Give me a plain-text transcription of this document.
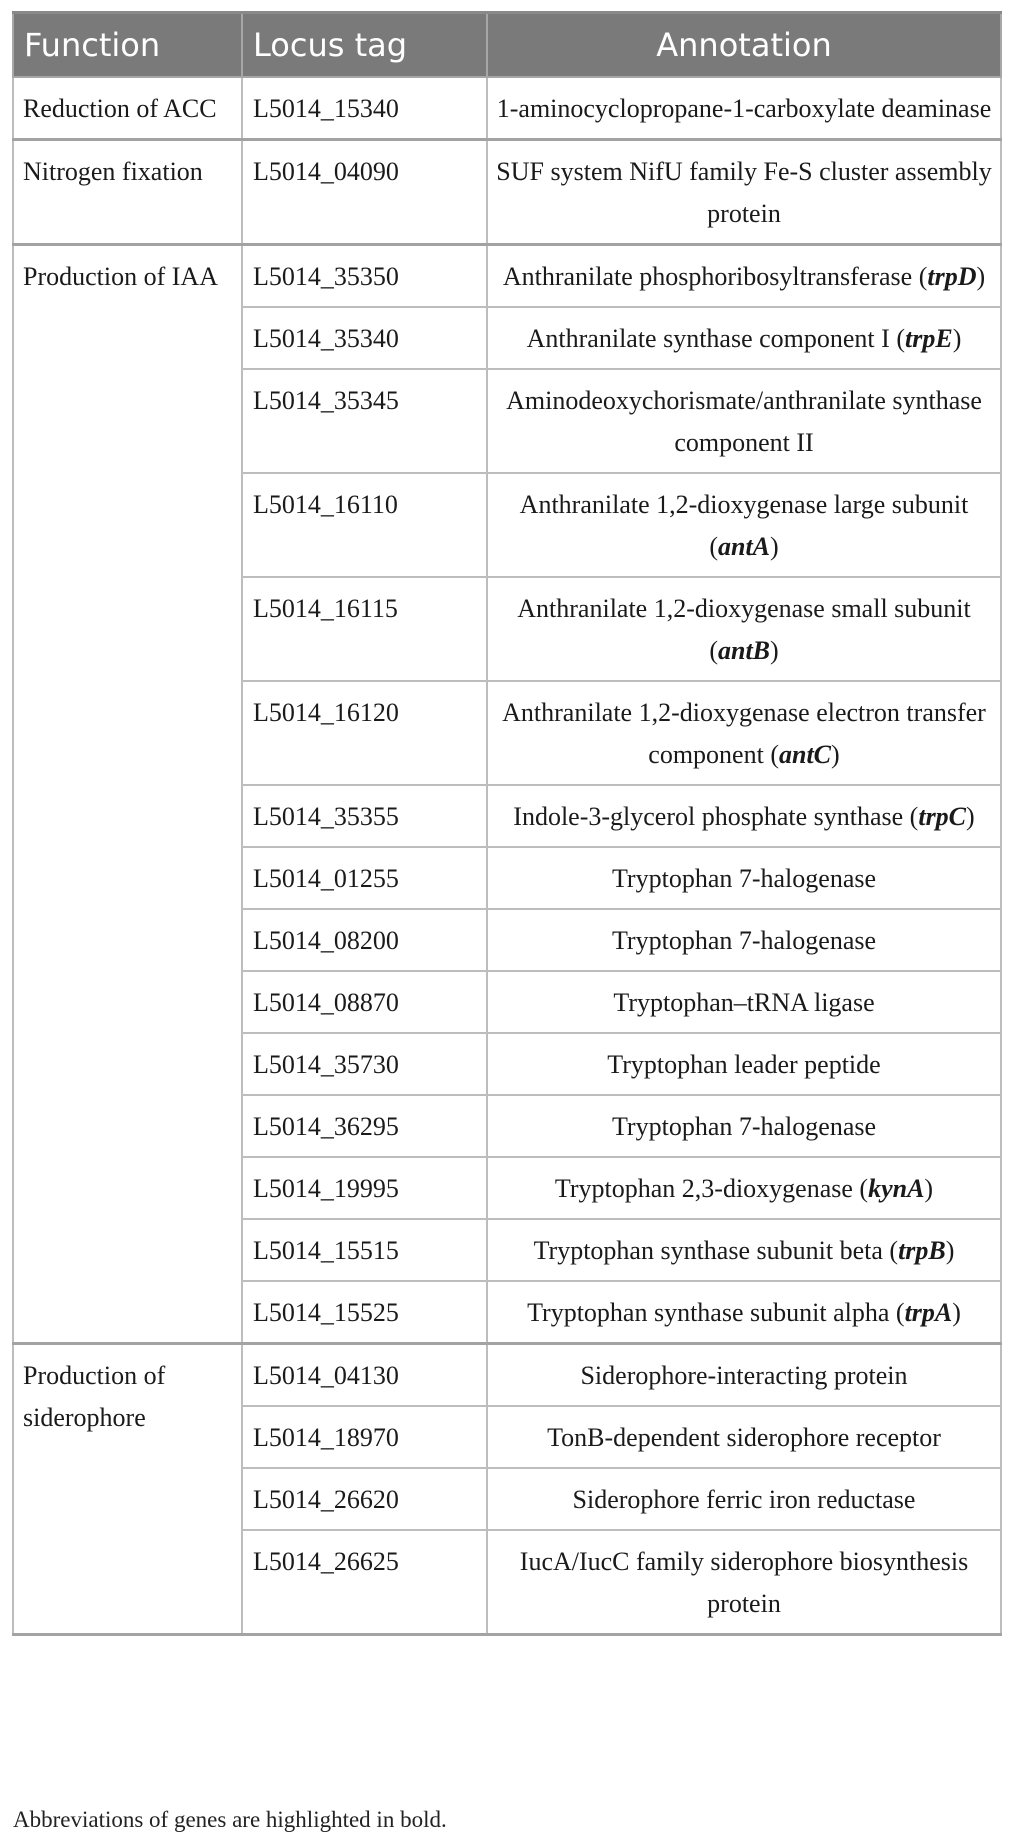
Function	Locus tag	Annotation
Reduction of ACC	L5014_15340	1-aminocyclopropane-1-carboxylate deaminase
Nitrogen fixation	L5014_04090	SUF system NifU family Fe-S cluster assembly protein
Production of IAA	L5014_35350	Anthranilate phosphoribosyltransferase (trpD)
	L5014_35340	Anthranilate synthase component I (trpE)
	L5014_35345	Aminodeoxychorismate/anthranilate synthase component II
	L5014_16110	Anthranilate 1,2-dioxygenase large subunit (antA)
	L5014_16115	Anthranilate 1,2-dioxygenase small subunit (antB)
	L5014_16120	Anthranilate 1,2-dioxygenase electron transfer component (antC)
	L5014_35355	Indole-3-glycerol phosphate synthase (trpC)
	L5014_01255	Tryptophan 7-halogenase
	L5014_08200	Tryptophan 7-halogenase
	L5014_08870	Tryptophan–tRNA ligase
	L5014_35730	Tryptophan leader peptide
	L5014_36295	Tryptophan 7-halogenase
	L5014_19995	Tryptophan 2,3-dioxygenase (kynA)
	L5014_15515	Tryptophan synthase subunit beta (trpB)
	L5014_15525	Tryptophan synthase subunit alpha (trpA)
Production of siderophore	L5014_04130	Siderophore-interacting protein
	L5014_18970	TonB-dependent siderophore receptor
	L5014_26620	Siderophore ferric iron reductase
	L5014_26625	IucA/IucC family siderophore biosynthesis protein
Abbreviations of genes are highlighted in bold.
